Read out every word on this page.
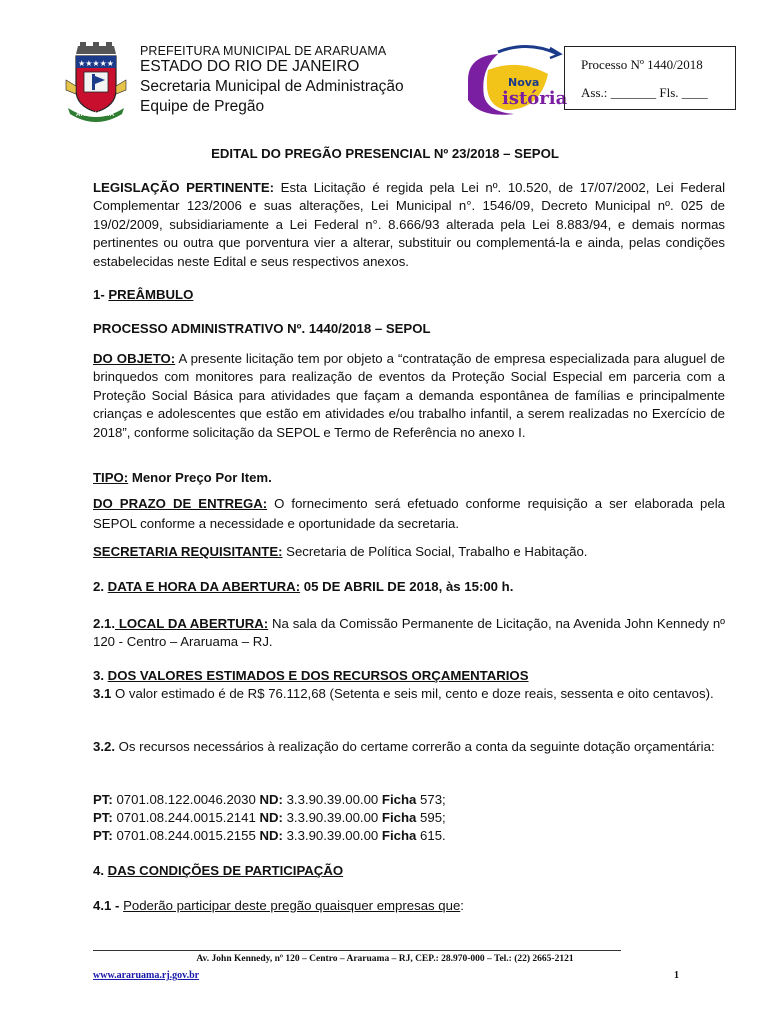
★★★★★
ARARUAMA
PREFEITURA MUNICIPAL DE ARARUAMA
ESTADO DO RIO DE JANEIRO
Secretaria Municipal de Administração
Equipe de Pregão
Nova
istória
Processo Nº 1440/2018
Ass.: _______ Fls. ____
EDITAL DO PREGÃO PRESENCIAL Nº 23/2018 – SEPOL
LEGISLAÇÃO PERTINENTE: Esta Licitação é regida pela Lei nº. 10.520, de 17/07/2002, Lei Federal Complementar 123/2006 e suas alterações, Lei Municipal n°. 1546/09, Decreto Municipal nº. 025 de 19/02/2009, subsidiariamente a Lei Federal n°. 8.666/93 alterada pela Lei 8.883/94, e demais normas pertinentes ou outra que porventura vier a alterar, substituir ou complementá-la e ainda, pelas condições estabelecidas neste Edital e seus respectivos anexos.
1- PREÂMBULO
PROCESSO ADMINISTRATIVO Nº. 1440/2018 – SEPOL
DO OBJETO: A presente licitação tem por objeto a “contratação de empresa especializada para aluguel de brinquedos com monitores para realização de eventos da Proteção Social Especial em parceria com a Proteção Social Básica para atividades que façam a demanda espontânea de famílias e principalmente crianças e adolescentes que estão em atividades e/ou trabalho infantil, a serem realizadas no Exercício de 2018”, conforme solicitação da SEPOL e Termo de Referência no anexo I.
TIPO: Menor Preço Por Item.
DO PRAZO DE ENTREGA: O fornecimento será efetuado conforme requisição a ser elaborada pela SEPOL conforme a necessidade e oportunidade da secretaria.
SECRETARIA REQUISITANTE: Secretaria de Política Social, Trabalho e Habitação.
2. DATA E HORA DA ABERTURA: 05 DE ABRIL DE 2018, às 15:00 h.
2.1. LOCAL DA ABERTURA: Na sala da Comissão Permanente de Licitação, na Avenida John Kennedy nº 120 - Centro – Araruama – RJ.
3. DOS VALORES ESTIMADOS E DOS RECURSOS ORÇAMENTARIOS
3.1 O valor estimado é de R$ 76.112,68 (Setenta e seis mil, cento e doze reais, sessenta e oito centavos).
3.2. Os recursos necessários à realização do certame correrão a conta da seguinte dotação orçamentária:
PT: 0701.08.122.0046.2030 ND: 3.3.90.39.00.00 Ficha 573;
PT: 0701.08.244.0015.2141 ND: 3.3.90.39.00.00 Ficha 595;
PT: 0701.08.244.0015.2155 ND: 3.3.90.39.00.00 Ficha 615.
4. DAS CONDIÇÕES DE PARTICIPAÇÃO
4.1 - Poderão participar deste pregão quaisquer empresas que:
Av. John Kennedy, nº 120 – Centro – Araruama – RJ, CEP.: 28.970-000 – Tel.: (22) 2665-2121
www.araruama.rj.gov.br	1
